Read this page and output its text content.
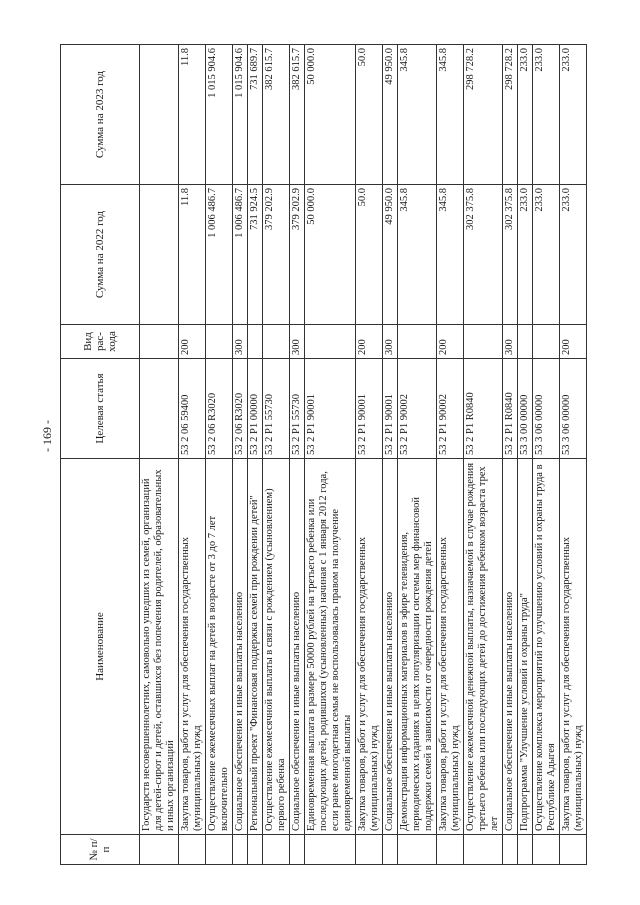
- 169 -
№ п/п	Наименование	Целевая статья	Вид рас-хода	Сумма на 2022 год	Сумма на 2023 год
	Государств несовершеннолетних, самовольно ушедших из семей, организаций для детей-сирот и детей, оставшихся без попечения родителей, образовательных и иных организаций				
	Закупка товаров, работ и услуг для обеспечения государственных (муниципальных) нужд	53 2 06 59400	200	11.8	11.8
	Осуществление ежемесячных выплат на детей в возрасте от 3 до 7 лет включительно	53 2 06 R3020		1 006 486.7	1 015 904.6
	Социальное обеспечение и иные выплаты населению	53 2 06 R3020	300	1 006 486.7	1 015 904.6
	Региональный проект "Финансовая поддержка семей при рождении детей"	53 2 P1 00000		731 924.5	731 689.7
	Осуществление ежемесячной выплаты в связи с рождением (усыновлением) первого ребенка	53 2 P1 55730		379 202.9	382 615.7
	Социальное обеспечение и иные выплаты населению	53 2 P1 55730	300	379 202.9	382 615.7
	Единовременная выплата в размере 50000 рублей на третьего ребенка или последующих детей, родившихся (усыновленных) начиная с 1 января 2012 года, если ранее многодетная семья не воспользовалась правом на получение единовременной выплаты	53 2 P1 90001		50 000.0	50 000.0
	Закупка товаров, работ и услуг для обеспечения государственных (муниципальных) нужд	53 2 P1 90001	200	50.0	50.0
	Социальное обеспечение и иные выплаты населению	53 2 P1 90001	300	49 950.0	49 950.0
	Демонстрация информационных материалов в эфире телевидения, периодических изданиях в целях популяризации системы мер финансовой поддержки семей в зависимости от очередности рождения детей	53 2 P1 90002		345.8	345.8
	Закупка товаров, работ и услуг для обеспечения государственных (муниципальных) нужд	53 2 P1 90002	200	345.8	345.8
	Осуществление ежемесячной денежной выплаты, назначаемой в случае рождения третьего ребенка или последующих детей до достижения ребенком возраста трех лет	53 2 P1 R0840		302 375.8	298 728.2
	Социальное обеспечение и иные выплаты населению	53 2 P1 R0840	300	302 375.8	298 728.2
	Подпрограмма "Улучшение условий и охраны труда"	53 3 00 00000		233.0	233.0
	Осуществление комплекса мероприятий по улучшению условий и охраны труда в Республике Адыгея	53 3 06 00000		233.0	233.0
	Закупка товаров, работ и услуг для обеспечения государственных (муниципальных) нужд	53 3 06 00000	200	233.0	233.0
